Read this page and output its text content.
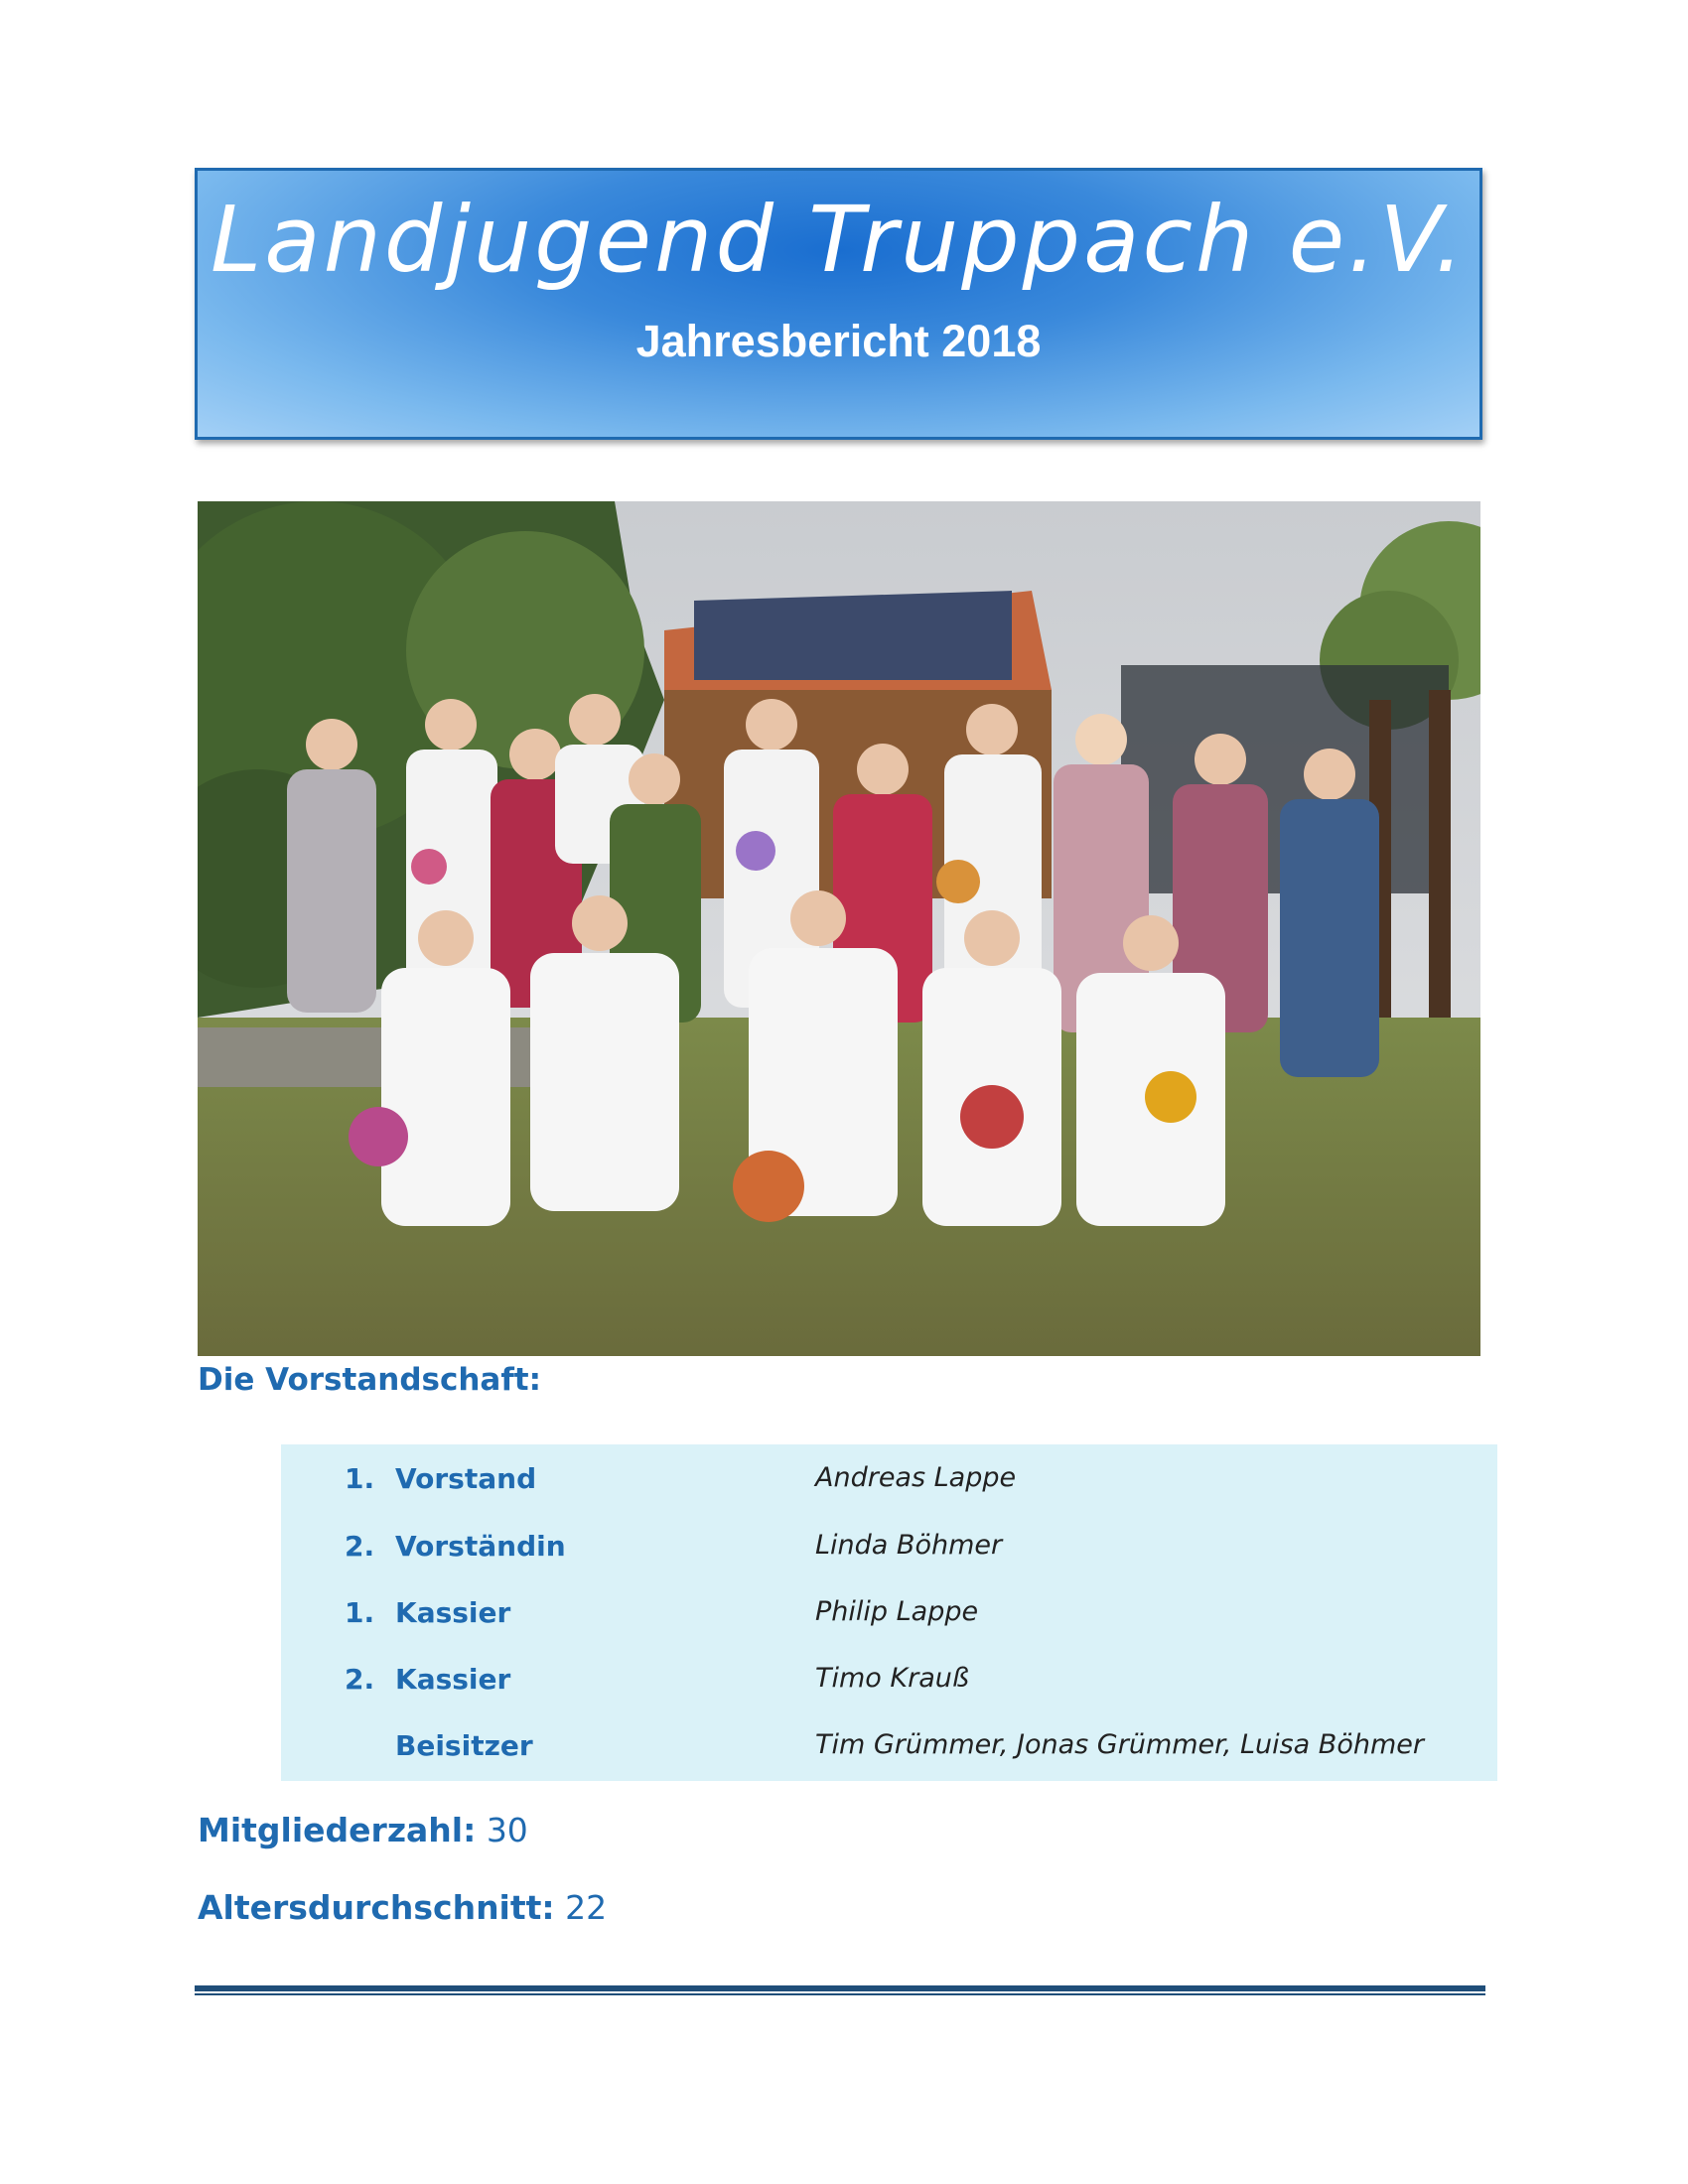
Landjugend Truppach e.V.
Jahresbericht 2018
Die Vorstandschaft:
1. Vorstand	Andreas Lappe
2. Vorständin	Linda Böhmer
1. Kassier	Philip Lappe
2. Kassier	Timo Krauß
Beisitzer	Tim Grümmer, Jonas Grümmer, Luisa Böhmer
Mitgliederzahl: 30
Altersdurchschnitt: 22
